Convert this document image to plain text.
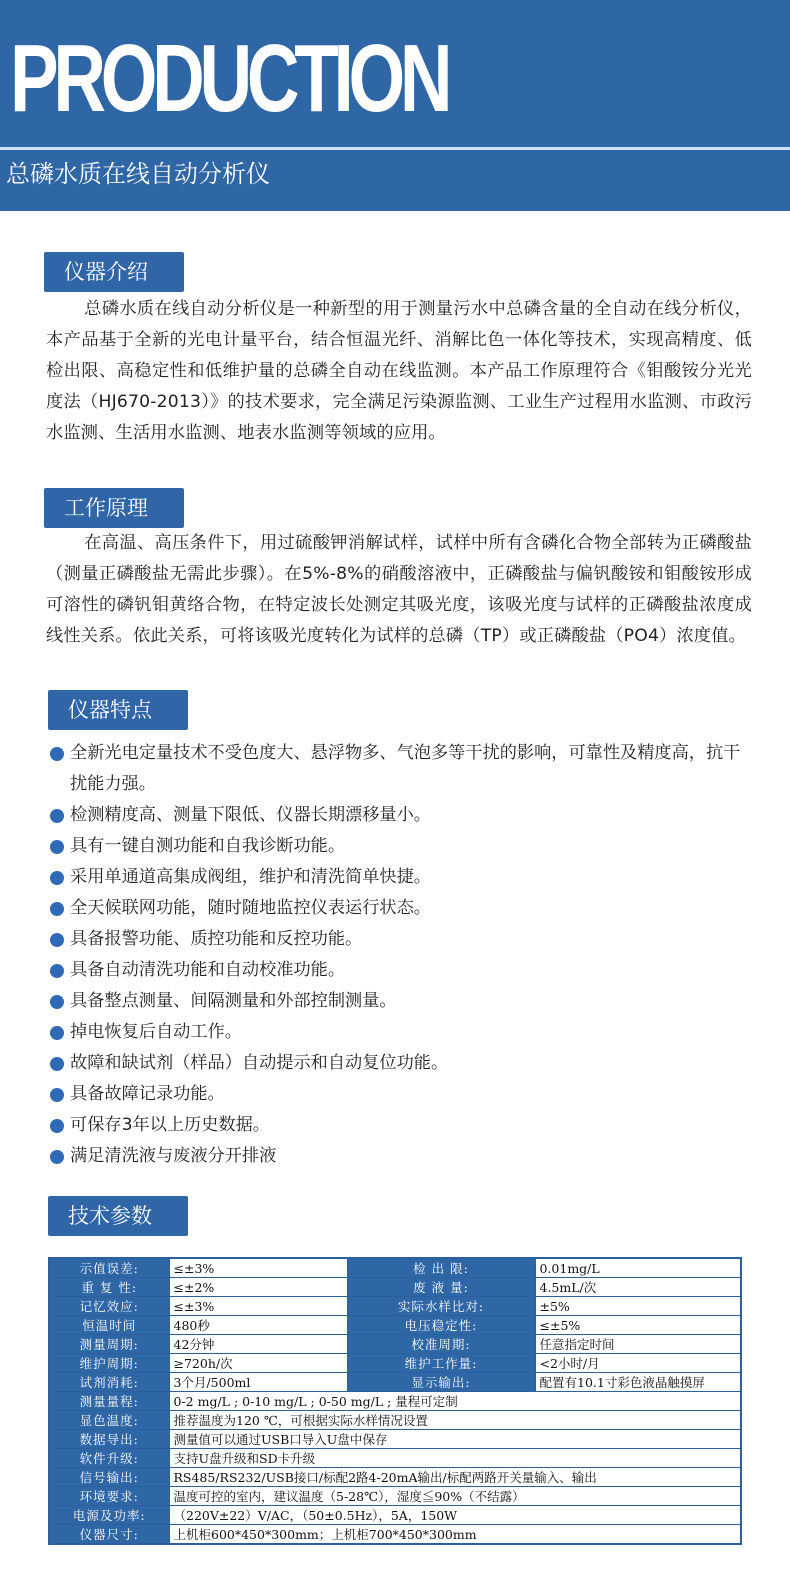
PRODUCTION
总磷水质在线自动分析仪
仪器介绍
总磷水质在线自动分析仪是一种新型的用于测量污水中总磷含量的全自动在线分析仪，本产品基于全新的光电计量平台，结合恒温光纤、消解比色一体化等技术，实现高精度、低检出限、高稳定性和低维护量的总磷全自动在线监测。本产品工作原理符合《钼酸铵分光光度法（HJ670-2013）》的技术要求，完全满足污染源监测、工业生产过程用水监测、市政污水监测、生活用水监测、地表水监测等领域的应用。
工作原理
在高温、高压条件下，用过硫酸钾消解试样，试样中所有含磷化合物全部转为正磷酸盐（测量正磷酸盐无需此步骤）。在5%-8%的硝酸溶液中，正磷酸盐与偏钒酸铵和钼酸铵形成可溶性的磷钒钼黄络合物，在特定波长处测定其吸光度，该吸光度与试样的正磷酸盐浓度成线性关系。依此关系，可将该吸光度转化为试样的总磷（TP）或正磷酸盐（PO4）浓度值。
仪器特点
全新光电定量技术不受色度大、悬浮物多、气泡多等干扰的影响，可靠性及精度高，抗干扰能力强。
检测精度高、测量下限低、仪器长期漂移量小。
具有一键自测功能和自我诊断功能。
采用单通道高集成阀组，维护和清洗简单快捷。
全天候联网功能，随时随地监控仪表运行状态。
具备报警功能、质控功能和反控功能。
具备自动清洗功能和自动校准功能。
具备整点测量、间隔测量和外部控制测量。
掉电恢复后自动工作。
故障和缺试剂（样品）自动提示和自动复位功能。
具备故障记录功能。
可保存3年以上历史数据。
满足清洗液与废液分开排液
技术参数
示值误差:	≤±3%	检 出 限:	0.01mg/L
重 复 性:	≤±2%	废 液 量:	4.5mL/次
记忆效应:	≤±3%	实际水样比对:	±5%
恒温时间	480秒	电压稳定性:	≤±5%
测量周期:	42分钟	校准周期:	任意指定时间
维护周期:	≥720h/次	维护工作量:	<2小时/月
试剂消耗:	3个月/500ml	显示输出:	配置有10.1寸彩色液晶触摸屏
测量量程:	0-2 mg/L ; 0-10 mg/L ; 0-50 mg/L ; 量程可定制		
显色温度:	推荐温度为120 ℃，可根据实际水样情况设置		
数据导出:	测量值可以通过USB口导入U盘中保存		
软件升级:	支持U盘升级和SD卡升级		
信号输出:	RS485/RS232/USB接口/标配2路4-20mA输出/标配两路开关量输入、输出		
环境要求:	温度可控的室内，建议温度（5-28℃），湿度≦90%（不结露）		
电源及功率:	（220V±22）V/AC，（50±0.5Hz），5A，150W		
仪器尺寸:	上机柜600*450*300mm；上机柜700*450*300mm		
